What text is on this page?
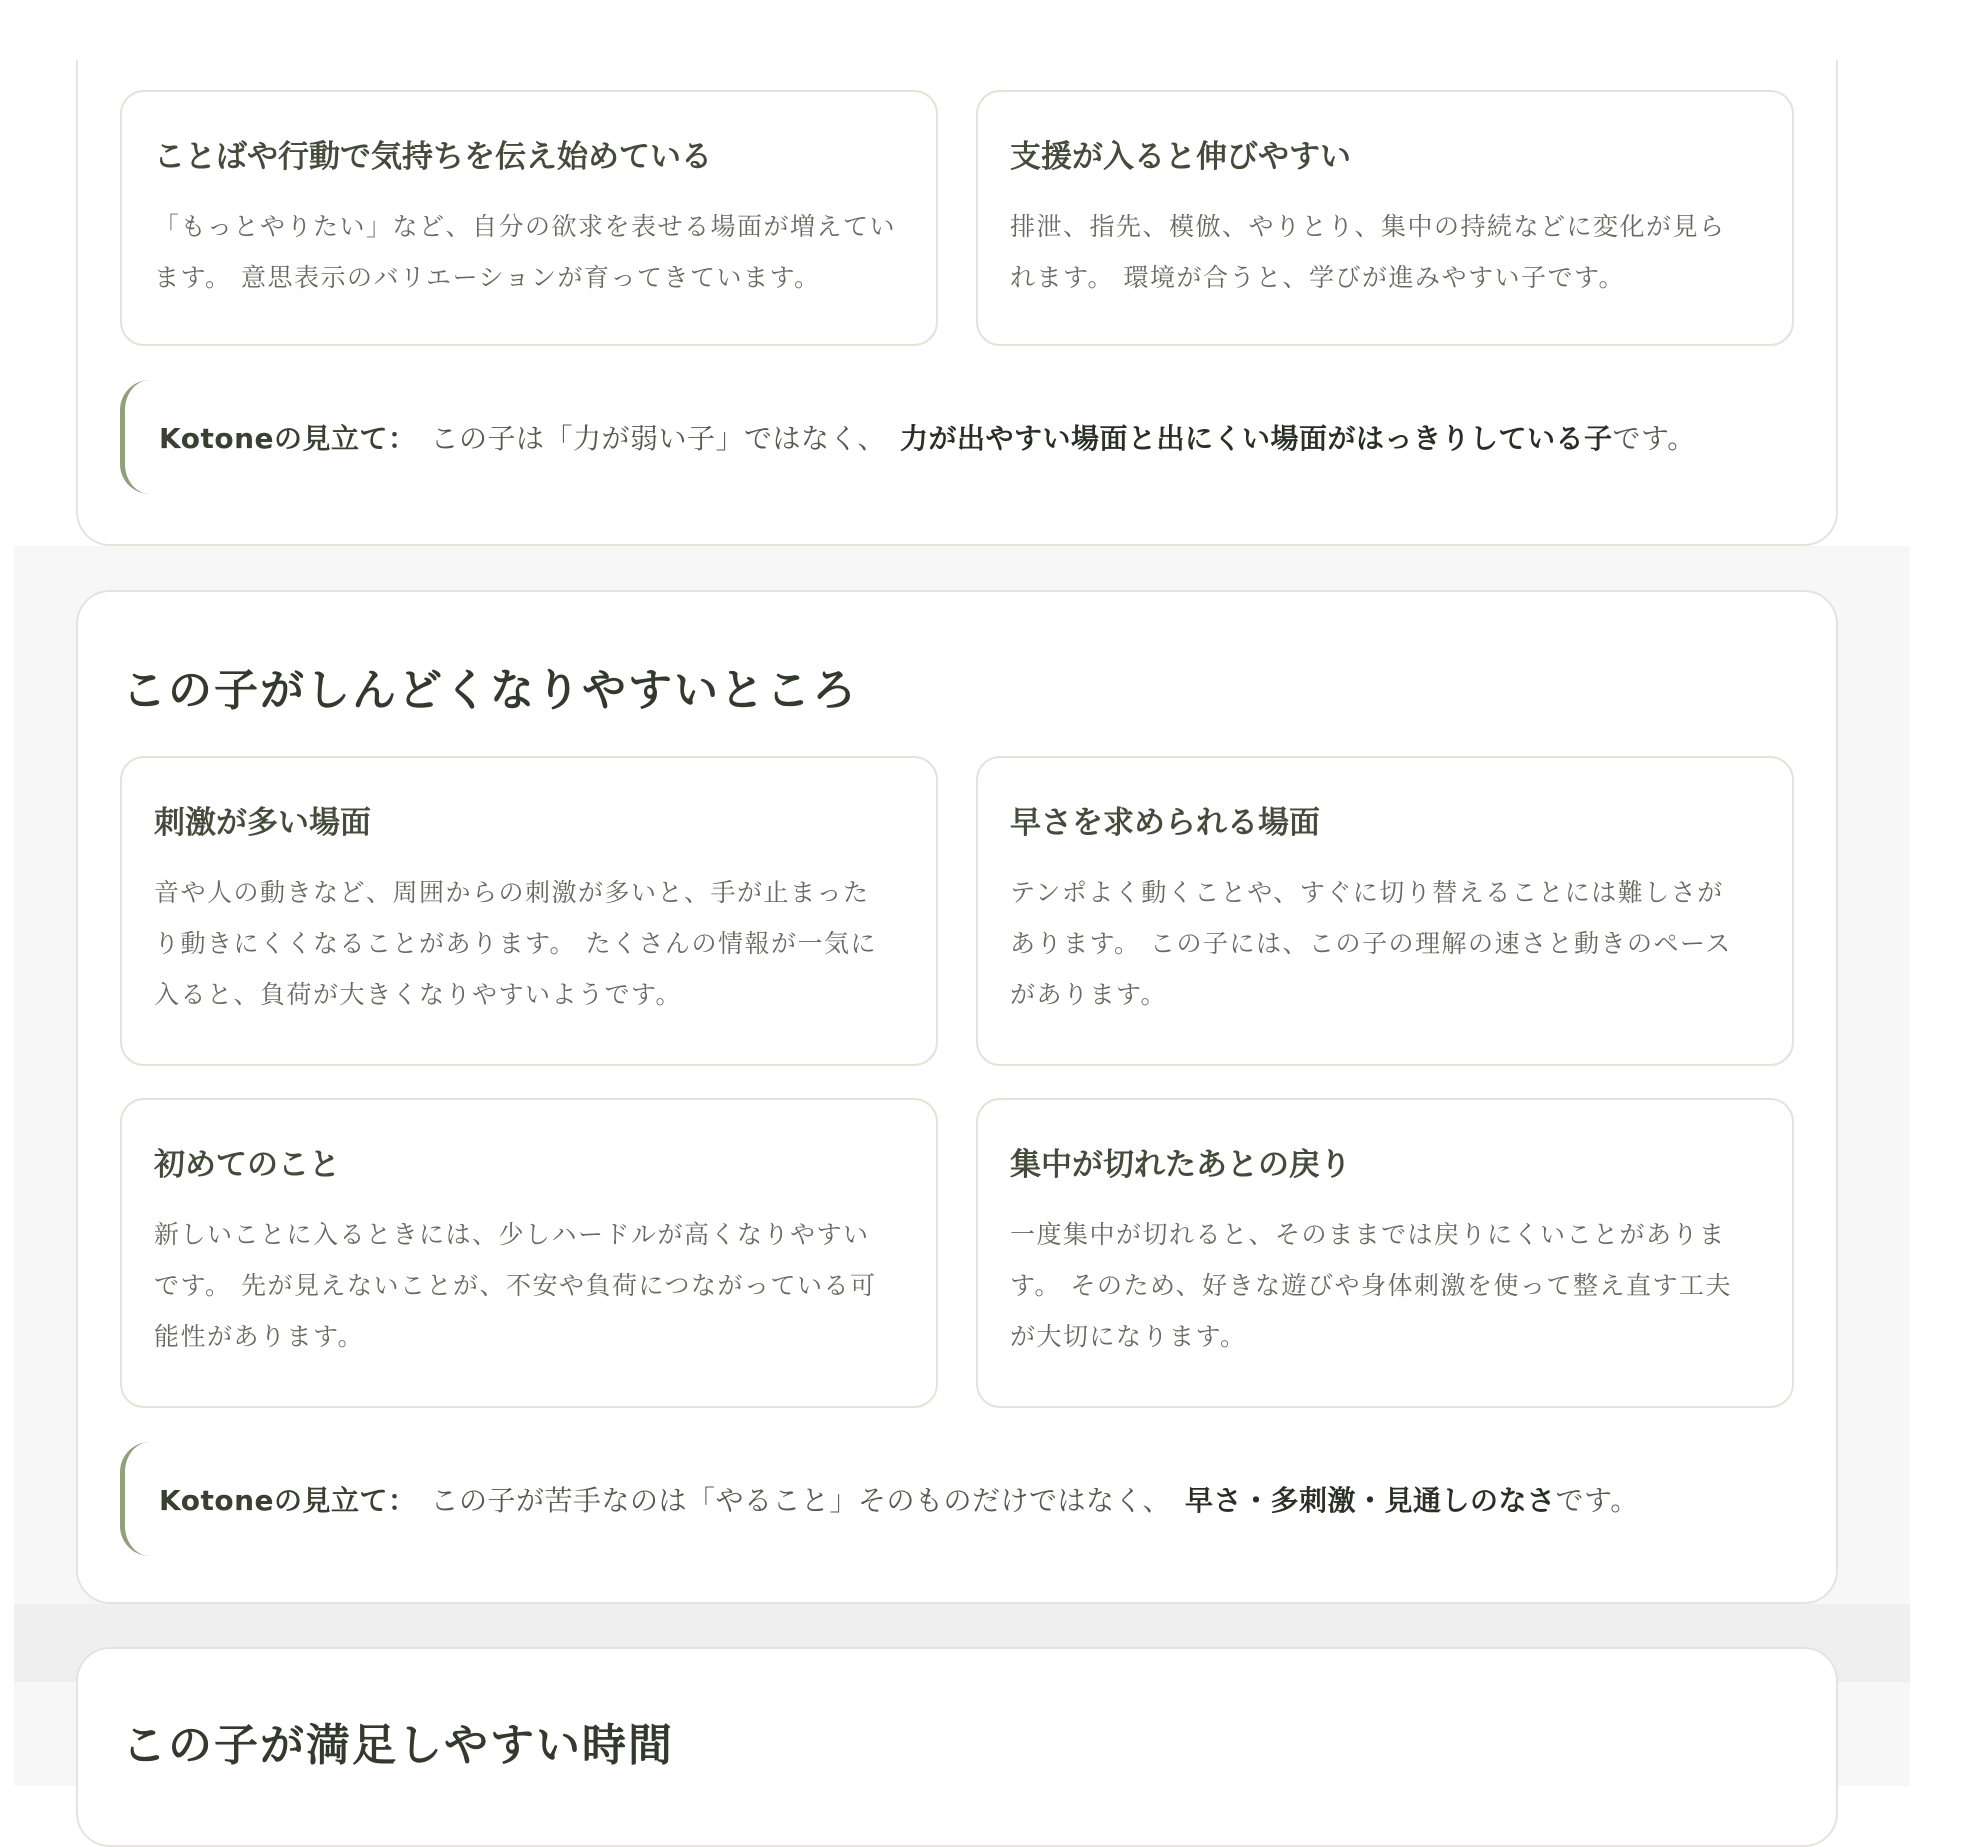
ことばや行動で気持ちを伝え始めている

「もっとやりたい」など、自分の欲求を表せる場面が増えてい
ます。 意思表示のバリエーションが育ってきています。

支援が入ると伸びやすい

排泄、指先、模倣、やりとり、集中の持続などに変化が見ら
れます。 環境が合うと、学びが進みやすい子です。

Kotoneの見立て： この子は「力が弱い子」ではなく、 力が出やすい場面と出にくい場面がはっきりしている子 です。
この子がしんどくなりやすいところ
刺激が多い場面

音や人の動きなど、周囲からの刺激が多いと、手が止まった
り動きにくくなることがあります。 たくさんの情報が一気に
入ると、負荷が大きくなりやすいようです。

早さを求められる場面

テンポよく動くことや、すぐに切り替えることには難しさが
あります。 この子には、この子の理解の速さと動きのペース
があります。

初めてのこと

新しいことに入るときには、少しハードルが高くなりやすい
です。 先が見えないことが、不安や負荷につながっている可
能性があります。

集中が切れたあとの戻り

一度集中が切れると、そのままでは戻りにくいことがありま
す。 そのため、好きな遊びや身体刺激を使って整え直す工夫
が大切になります。

Kotoneの見立て： この子が苦手なのは「やること」そのものだけではなく、 早さ・多刺激・見通しのなさ です。
この子が満足しやすい時間
